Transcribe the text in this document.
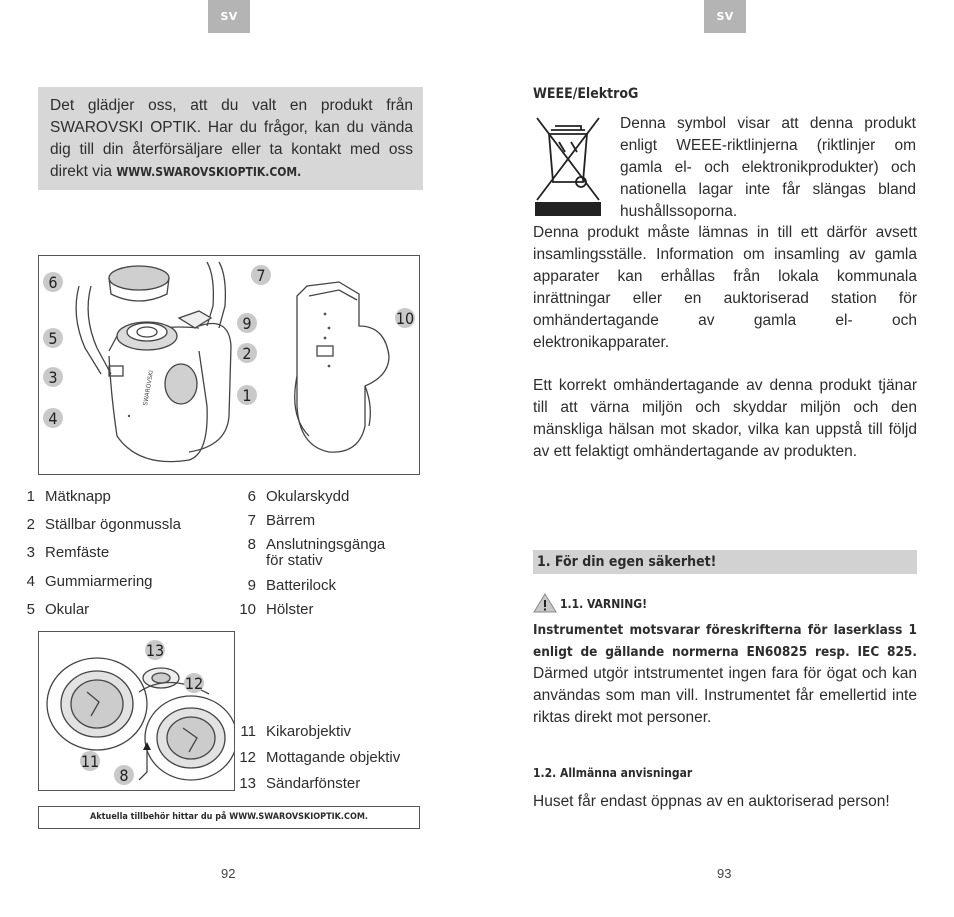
SV
Det glädjer oss, att du valt en produkt från SWAROVSKI OPTIK. Har du frågor, kan du vända dig till din återförsäljare eller ta kontakt med oss direkt via WWW.SWAROVSKIOPTIK.COM.
SWAROVSKI
6	7
5
9	10
2
3
1
4
1 Mätknapp
2 Ställbar ögonmussla
3 Remfäste
4 Gummiarmering
5 Okular
6 Okularskydd
7 Bärrem
8 Anslutningsgänga
för stativ
9 Batterilock
10 Hölster
13
12
11
8
11 Kikarobjektiv
12 Mottagande objektiv
13 Sändarfönster
Aktuella tillbehör hittar du på WWW.SWAROVSKIOPTIK.COM.
92
SV
WEEE/ElektroG
Denna symbol visar att denna produkt enligt WEEE-riktlinjerna (riktlinjer om gamla el- och elektronikprodukter) och nationella lagar inte får slängas bland hushållssoporna.
Denna produkt måste lämnas in till ett därför avsett insamlingsställe. Information om insamling av gamla apparater kan erhållas från lokala kommunala inrättningar eller en auktoriserad station för omhändertagande av gamla el- och elektronikapparater.
Ett korrekt omhändertagande av denna produkt tjänar till att värna miljön och skyddar miljön och den mänskliga hälsan mot skador, vilka kan uppstå till följd av ett felaktigt omhändertagande av produkten.
1. För din egen säkerhet!
1.1. VARNING!
Instrumentet motsvarar föreskrifterna för laserklass 1 enligt de gällande normerna EN60825 resp. IEC 825. Därmed utgör intstrumentet ingen fara för ögat och kan användas som man vill. Instrumentet får emellertid inte riktas direkt mot personer.
1.2. Allmänna anvisningar
Huset får endast öppnas av en auktoriserad person!
93
